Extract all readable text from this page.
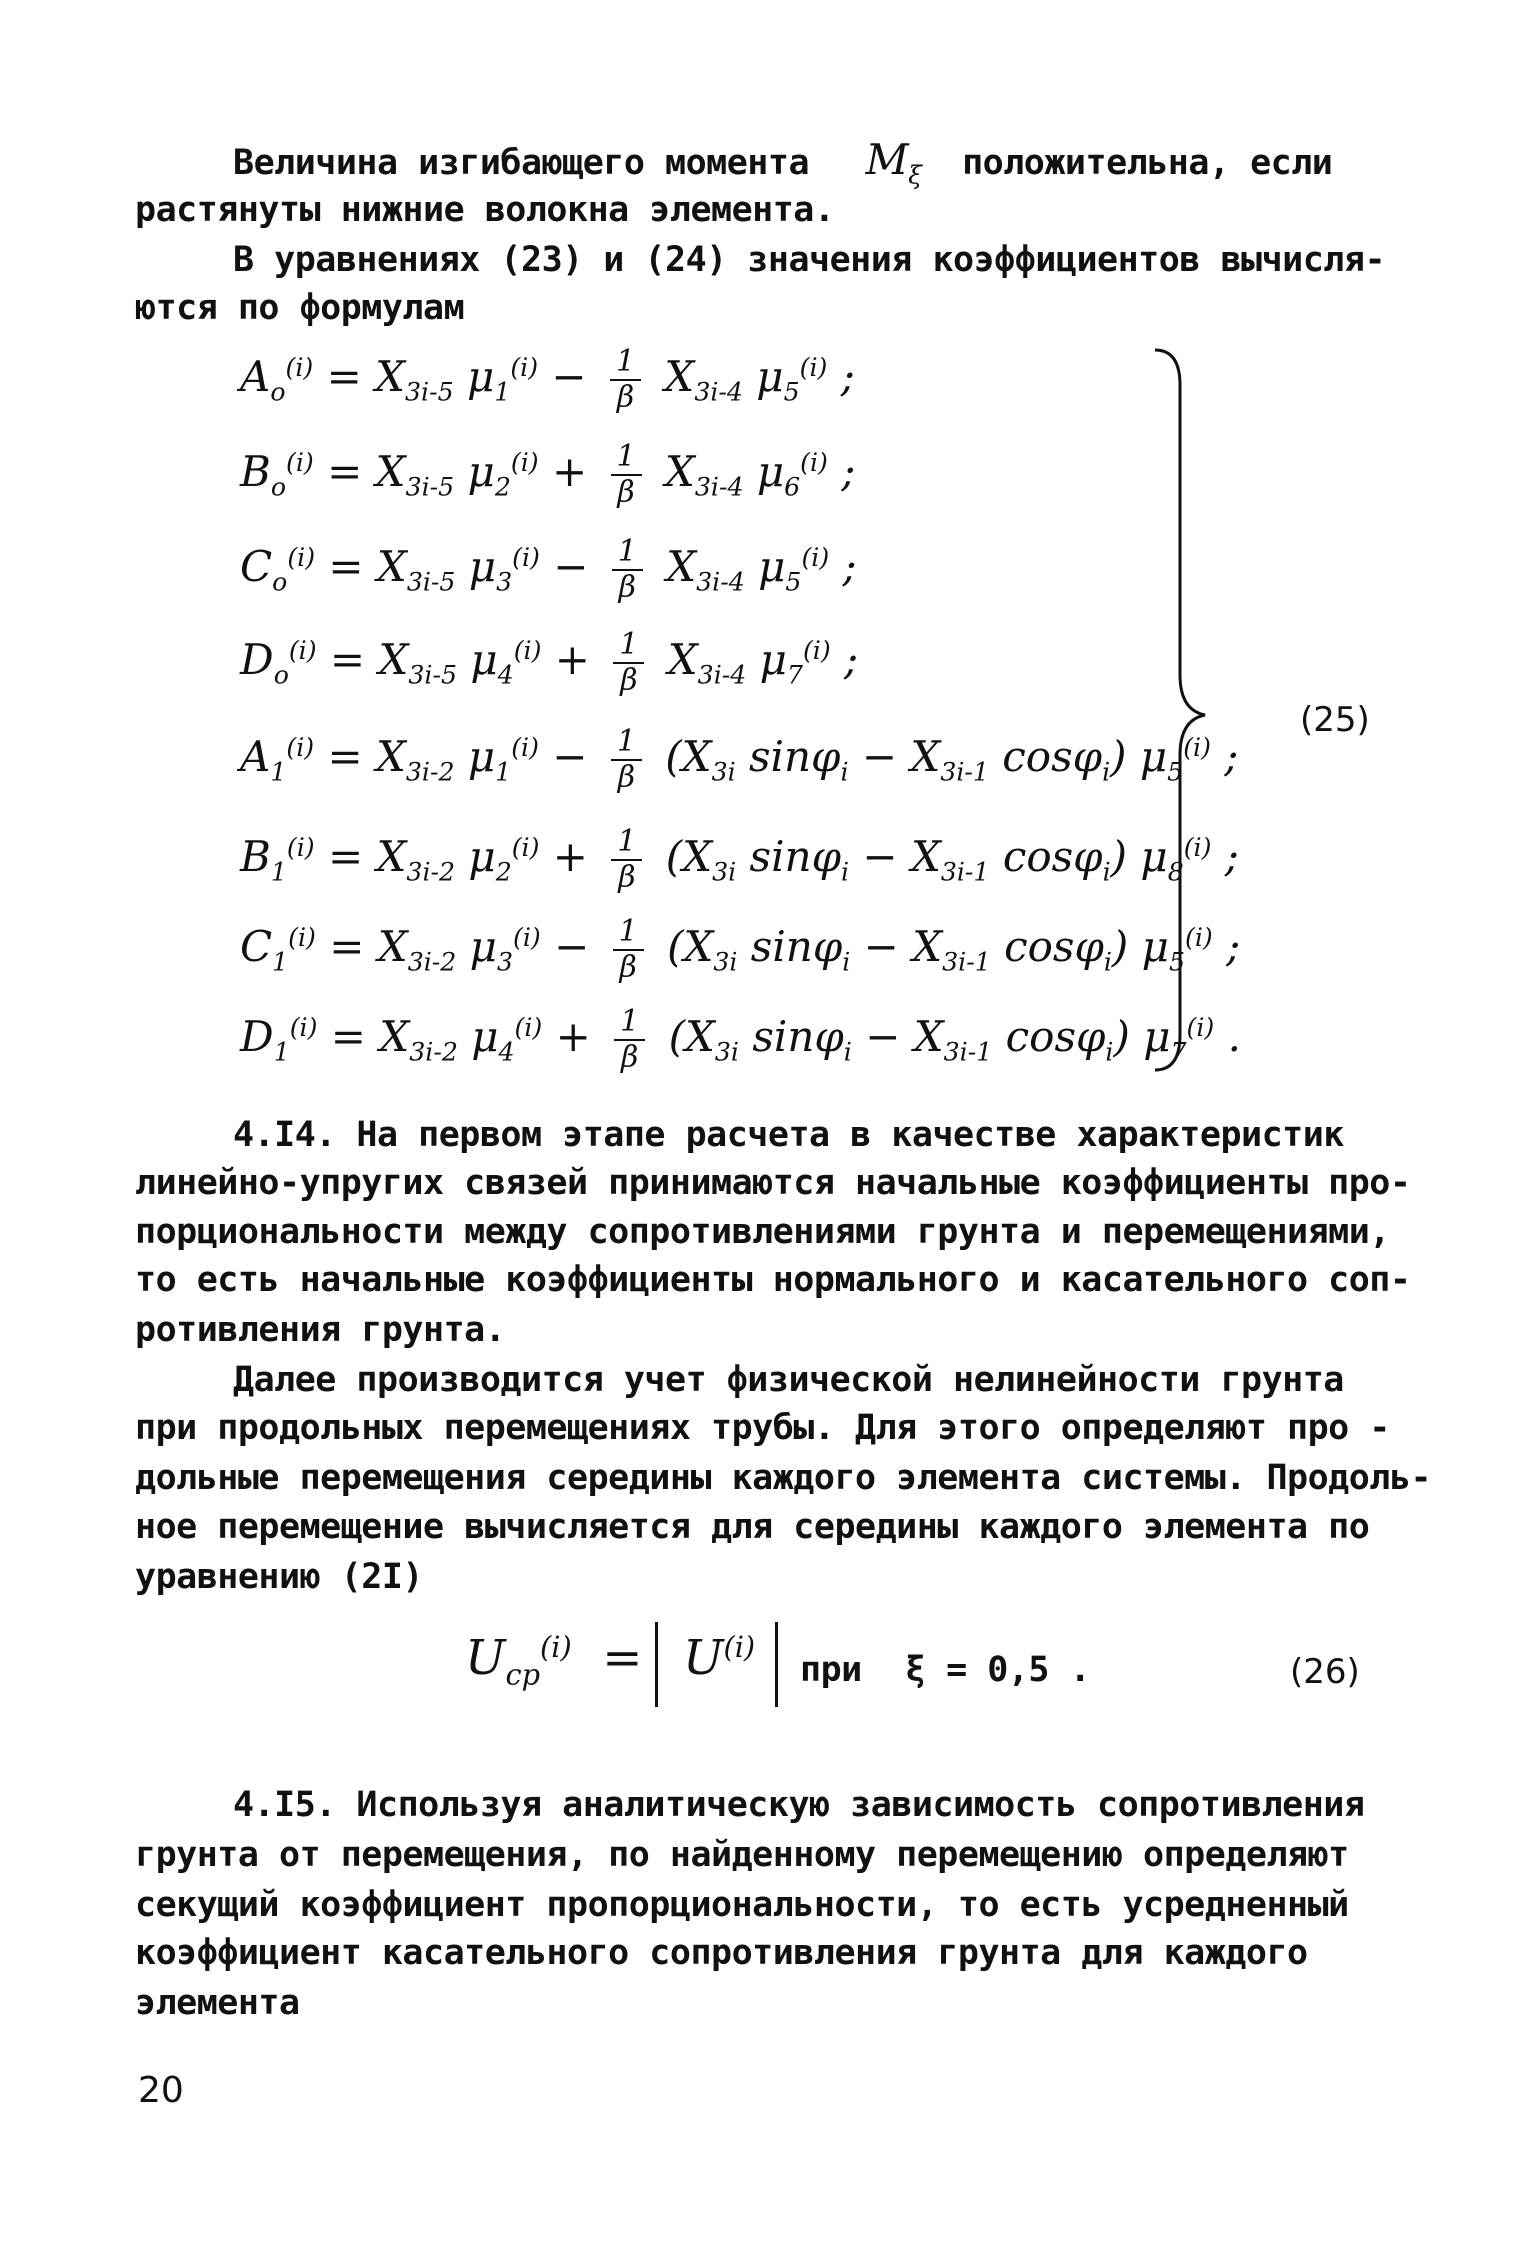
Величина изгибающего момента $M_\xi$ положительна, если
растянуты нижние волокна элемента.
В уравнениях (23) и (24) значения коэффициентов вычисля-
ются по формулам
$A_o^{(i)} = X_{3i-5}$ $\mu_1^{(i)} - \frac{1}{\beta} X_{3i-4}$ $\mu_5^{(i)}$ ;
$B_o^{(i)} = X_{3i-5}$ $\mu_2^{(i)} + \frac{1}{\beta} X_{3i-4}$ $\mu_6^{(i)}$ ;
$C_o^{(i)} = X_{3i-5}$ $\mu_3^{(i)} - \frac{1}{\beta} X_{3i-4}$ $\mu_5^{(i)}$ ;
$D_o^{(i)} = X_{3i-5}$ $\mu_4^{(i)} + \frac{1}{\beta} X_{3i-4}$ $\mu_7^{(i)}$ ;
$A_1^{(i)} = X_{3i-2}$ $\mu_1^{(i)} - \frac{1}{\beta} (X_{3i}$ $\sin\varphi_i - X_{3i-1}$ cosφ$_i$) $\mu_5^{(i)}$ ;
$B_1^{(i)} = X_{3i-2}$ $\mu_2^{(i)} + \frac{1}{\beta} (X_{3i}$ $\sin\varphi_i - X_{3i-1}$ cosφ$_i$) $\mu_8^{(i)}$ ;
$C_1^{(i)} = X_{3i-2}$ $\mu_3^{(i)} - \frac{1}{\beta} (X_{3i}$ $\sin\varphi_i - X_{3i-1}$ cosφ$_i$) $\mu_5^{(i)}$ ;
$D_1^{(i)} = X_{3i-2}$ $\mu_4^{(i)} + \frac{1}{\beta} (X_{3i}$ $\sin\varphi_i - X_{3i-1}$ cosφ$_i$) $\mu_7^{(i)}$ .
(25)
4.I4. На первом этапе расчета в качестве характеристик
линейно-упругих связей принимаются начальные коэффициенты про-
порциональности между сопротивлениями грунта и перемещениями,
то есть начальные коэффициенты нормального и касательного соп-
ротивления грунта.
Далее производится учет физической нелинейности грунта
при продольных перемещениях трубы. Для этого определяют про -
дольные перемещения середины каждого элемента системы. Продоль-
ное перемещение вычисляется для середины каждого элемента по
уравнению (2I)
$U_{cp}^{(i)} = U^{(i)}$
при ξ = 0,5 .	(26)
4.I5. Используя аналитическую зависимость сопротивления
грунта от перемещения, по найденному перемещению определяют
секущий коэффициент пропорциональности, то есть усредненный
коэффициент касательного сопротивления грунта для каждого
элемента
20
